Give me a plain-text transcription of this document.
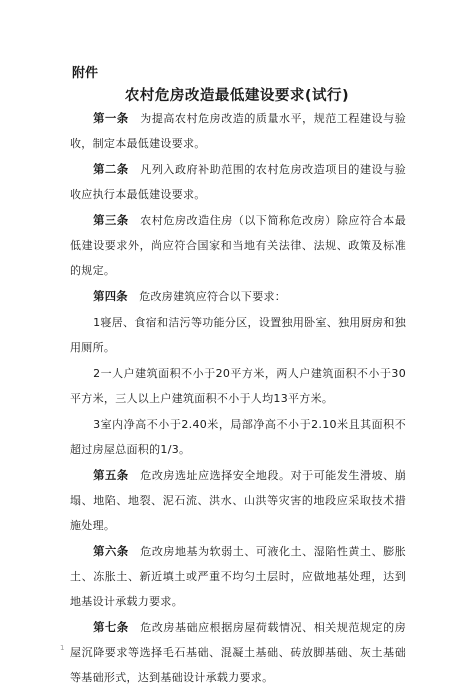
附件
农村危房改造最低建设要求(试行)

第一条　 为提高农村危房改造的质量水平，规范工程建设与验收，制定本最低建设要求。

第二条　 凡列入政府补助范围的农村危房改造项目的建设与验收应执行本最低建设要求。

第三条　 农村危房改造住房（以下简称危改房）除应符合本最低建设要求外，尚应符合国家和当地有关法律、法规、政策及标准的规定。

第四条　 危改房建筑应符合以下要求：

1寝居、食宿和洁污等功能分区，设置独用卧室、独用厨房和独用厕所。

2一人户建筑面积不小于20平方米，两人户建筑面积不小于30平方米，三人以上户建筑面积不小于人均13平方米。

3室内净高不小于2.40米，局部净高不小于2.10米且其面积不超过房屋总面积的1/3。

第五条　 危改房选址应选择安全地段。对于可能发生滑坡、崩塌、地陷、地裂、泥石流、洪水、山洪等灾害的地段应采取技术措施处理。

第六条　 危改房地基为软弱土、可液化土、湿陷性黄土、膨胀土、冻胀土、新近填土或严重不均匀土层时，应做地基处理，达到地基设计承载力要求。

第七条　 危改房基础应根据房屋荷载情况、相关规范规定的房屋沉降要求等选择毛石基础、混凝土基础、砖放脚基础、灰土基础等基础形式，达到基础设计承载力要求。

1
